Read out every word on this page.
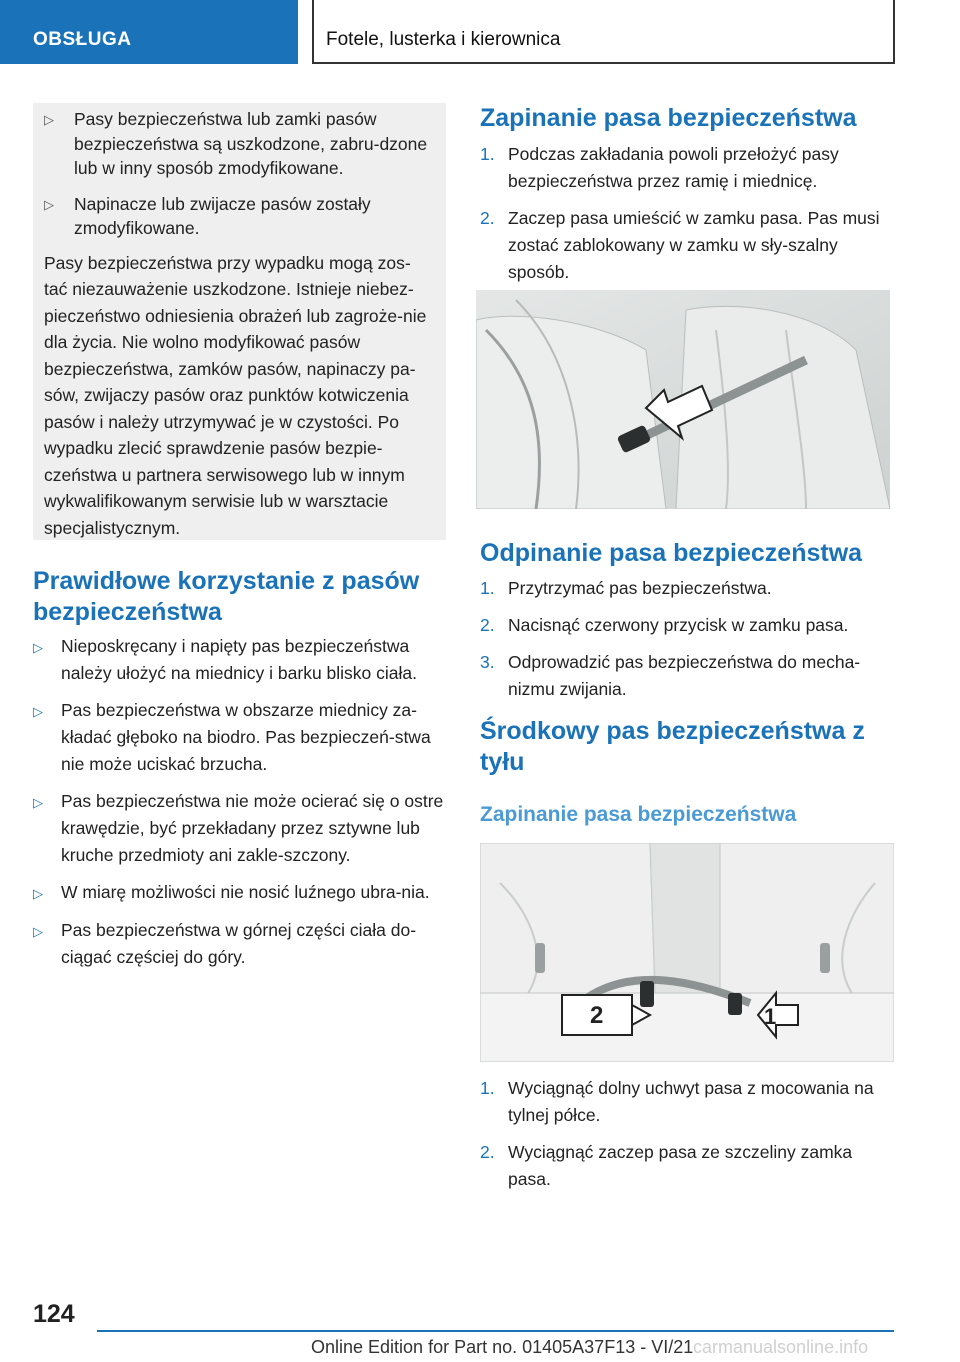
OBSŁUGA	Fotele, lusterka i kierownica
▷	Pasy bezpieczeństwa lub zamki pasów bezpieczeństwa są uszkodzone, zabru-dzone lub w inny sposób zmodyfikowane.
▷	Napinacze lub zwijacze pasów zostały zmodyfikowane.
Pasy bezpieczeństwa przy wypadku mogą zos-tać niezauważenie uszkodzone. Istnieje niebez-pieczeństwo odniesienia obrażeń lub zagroże-nie dla życia. Nie wolno modyfikować pasów bezpieczeństwa, zamków pasów, napinaczy pa-sów, zwijaczy pasów oraz punktów kotwiczenia pasów i należy utrzymywać je w czystości. Po wypadku zlecić sprawdzenie pasów bezpie-czeństwa u partnera serwisowego lub w innym wykwalifikowanym serwisie lub w warsztacie specjalistycznym.
Prawidłowe korzystanie z pasów bezpieczeństwa
▷	Nieposkręcany i napięty pas bezpieczeństwa należy ułożyć na miednicy i barku blisko ciała.
▷	Pas bezpieczeństwa w obszarze miednicy za-kładać głęboko na biodro. Pas bezpieczeń-stwa nie może uciskać brzucha.
▷	Pas bezpieczeństwa nie może ocierać się o ostre krawędzie, być przekładany przez sztywne lub kruche przedmioty ani zakle-szczony.
▷	W miarę możliwości nie nosić luźnego ubra-nia.
▷	Pas bezpieczeństwa w górnej części ciała do-ciągać częściej do góry.
Zapinanie pasa bezpieczeństwa
1. Podczas zakładania powoli przełożyć pasy bezpieczeństwa przez ramię i miednicę.
2. Zaczep pasa umieścić w zamku pasa. Pas musi zostać zablokowany w zamku w sły-szalny sposób.
Odpinanie pasa bezpieczeństwa
1. Przytrzymać pas bezpieczeństwa.
2. Nacisnąć czerwony przycisk w zamku pasa.
3. Odprowadzić pas bezpieczeństwa do mecha-nizmu zwijania.
Środkowy pas bezpieczeństwa z tyłu
Zapinanie pasa bezpieczeństwa
2	1
1. Wyciągnąć dolny uchwyt pasa z mocowania na tylnej półce.
2. Wyciągnąć zaczep pasa ze szczeliny zamka pasa.
124
Online Edition for Part no. 01405A37F13 - VI/21 carmanualsonline.info
